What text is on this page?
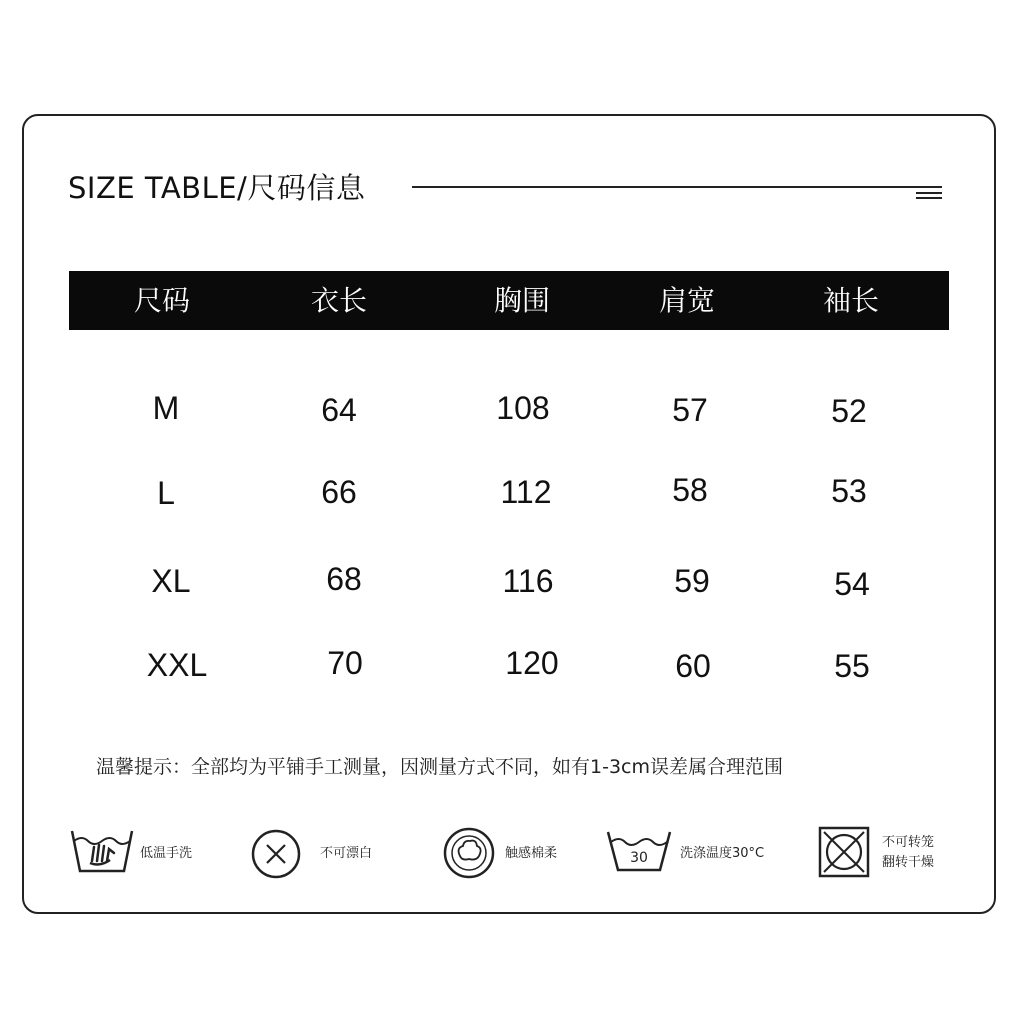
SIZE TABLE/尺码信息
尺码	衣长	胸围	肩宽	袖长
M	64	108	57	52
L	66	112	58	53
XL	68	116	59	54
XXL	70	120	60	55
温馨提示：全部均为平铺手工测量，因测量方式不同，如有1-3cm误差属合理范围
低温手洗	不可漂白	触感棉柔	30 洗涤温度30°C
不可转笼
翻转干燥
